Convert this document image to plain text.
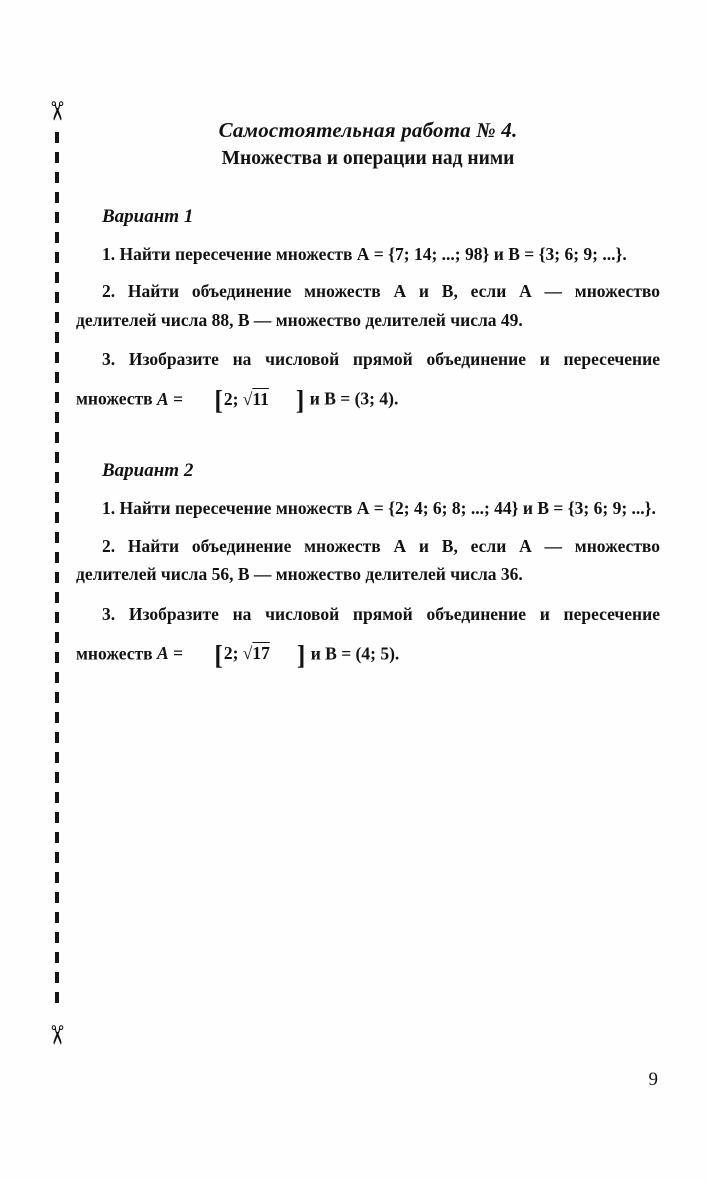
✂
✂
Самостоятельная работа № 4.
Множества и операции над ними
Вариант 1

1. Найти пересечение множеств А = {7; 14; ...; 98} и В = {3; 6; 9; ...}.

2. Найти объединение множеств А и В, если А — множество делителей числа 88, В — множество делителей числа 49.

3. Изобразите на числовой прямой объединение и пересечение множеств А = [2; √11 ] и В = (3; 4).

Вариант 2

1. Найти пересечение множеств А = {2; 4; 6; 8; ...; 44} и В = {3; 6; 9; ...}.

2. Найти объединение множеств А и В, если А — множество делителей числа 56, В — множество делителей числа 36.

3. Изобразите на числовой прямой объединение и пересечение множеств А = [2; √17 ] и В = (4; 5).

9
